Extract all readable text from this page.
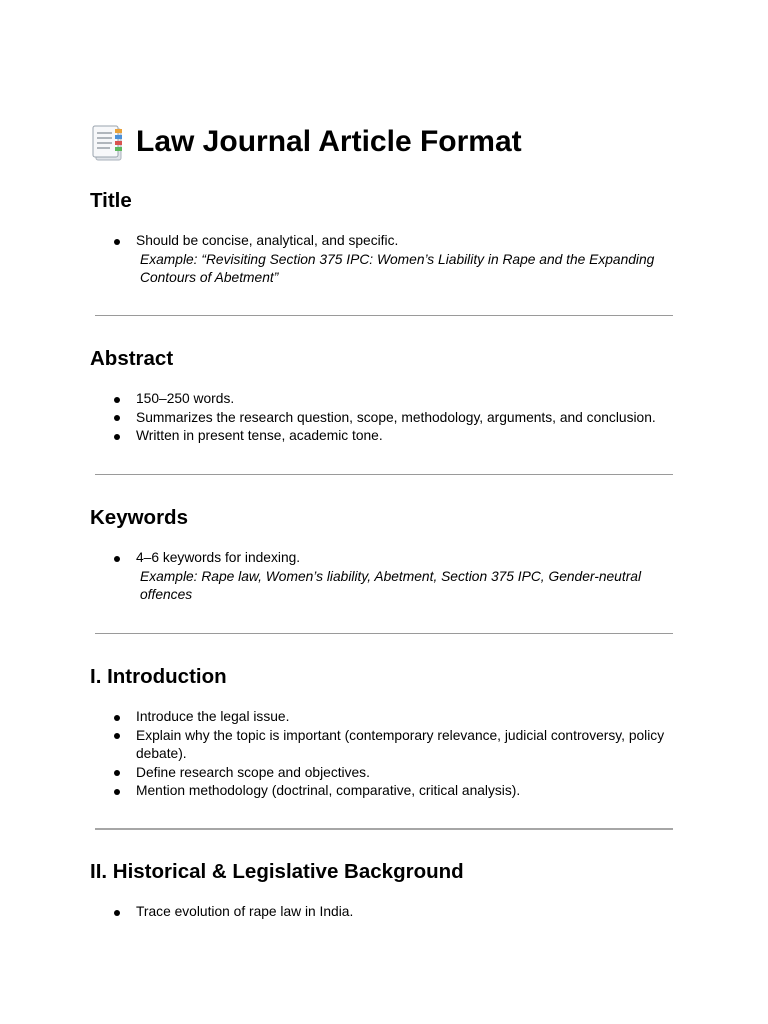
Law Journal Article Format
Title
Should be concise, analytical, and specific.
Example: “Revisiting Section 375 IPC: Women’s Liability in Rape and the Expanding Contours of Abetment”
Abstract
150–250 words.
Summarizes the research question, scope, methodology, arguments, and conclusion.
Written in present tense, academic tone.
Keywords
4–6 keywords for indexing.
Example: Rape law, Women’s liability, Abetment, Section 375 IPC, Gender-neutral offences
I. Introduction
Introduce the legal issue.
Explain why the topic is important (contemporary relevance, judicial controversy, policy debate).
Define research scope and objectives.
Mention methodology (doctrinal, comparative, critical analysis).
II. Historical & Legislative Background
Trace evolution of rape law in India.
